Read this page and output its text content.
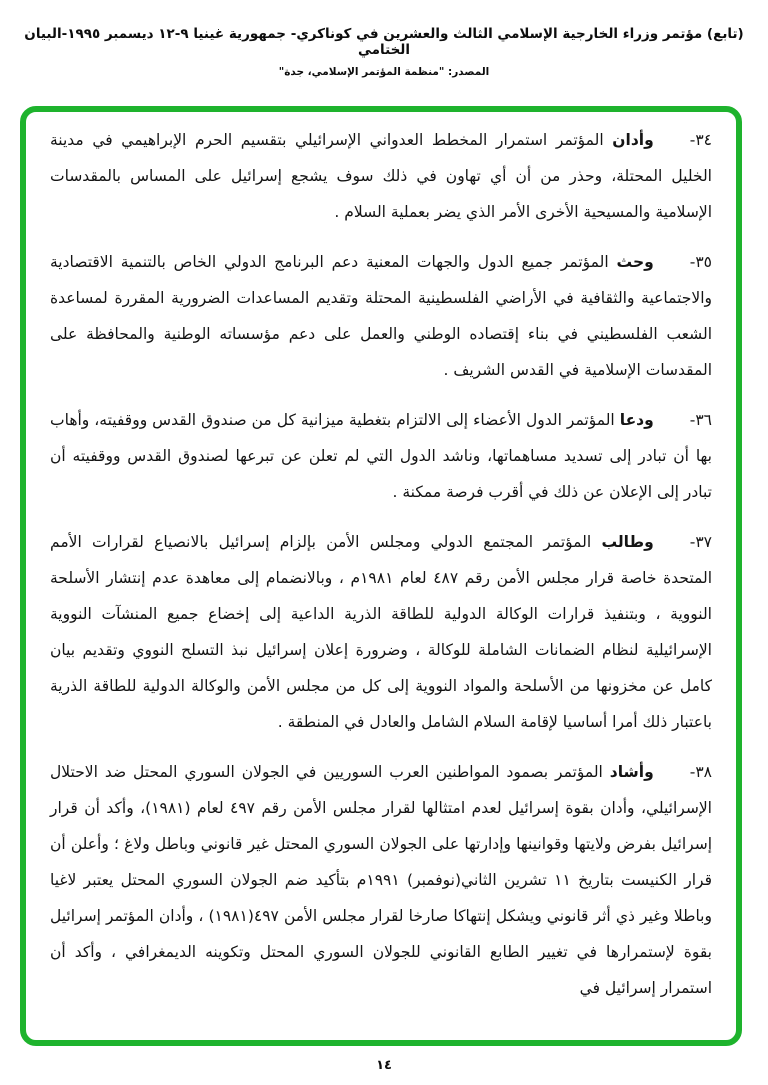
(تابع) مؤتمر وزراء الخارجية الإسلامي الثالث والعشرين في كوناكري- جمهورية غينيا ٩-١٢ ديسمبر ١٩٩٥-البيان الختامي
المصدر: "منظمة المؤتمر الإسلامي، جدة"

٣٤-وأدان المؤتمر استمرار المخطط العدواني الإسرائيلي بتقسيم الحرم الإبراهيمي في مدينة الخليل المحتلة، وحذر من أن أي تهاون في ذلك سوف يشجع إسرائيل على المساس بالمقدسات الإسلامية والمسيحية الأخرى الأمر الذي يضر بعملية السلام .

٣٥-وحث المؤتمر جميع الدول والجهات المعنية دعم البرنامج الدولي الخاص بالتنمية الاقتصادية والاجتماعية والثقافية في الأراضي الفلسطينية المحتلة وتقديم المساعدات الضرورية المقررة لمساعدة الشعب الفلسطيني في بناء إقتصاده الوطني والعمل على دعم مؤسساته الوطنية والمحافظة على المقدسات الإسلامية في القدس الشريف .

٣٦-ودعا المؤتمر الدول الأعضاء إلى الالتزام بتغطية ميزانية كل من صندوق القدس ووقفيته، وأهاب بها أن تبادر إلى تسديد مساهماتها، وناشد الدول التي لم تعلن عن تبرعها لصندوق القدس ووقفيته أن تبادر إلى الإعلان عن ذلك في أقرب فرصة ممكنة .

٣٧-وطالب المؤتمر المجتمع الدولي ومجلس الأمن بإلزام إسرائيل بالانصياع لقرارات الأمم المتحدة خاصة قرار مجلس الأمن رقم ٤٨٧ لعام ١٩٨١م ، وبالانضمام إلى معاهدة عدم إنتشار الأسلحة النووية ، وبتنفيذ قرارات الوكالة الدولية للطاقة الذرية الداعية إلى إخضاع جميع المنشآت النووية الإسرائيلية لنظام الضمانات الشاملة للوكالة ، وضرورة إعلان إسرائيل نبذ التسلح النووي وتقديم بيان كامل عن مخزونها من الأسلحة والمواد النووية إلى كل من مجلس الأمن والوكالة الدولية للطاقة الذرية باعتبار ذلك أمرا أساسيا لإقامة السلام الشامل والعادل في المنطقة .

٣٨-وأشاد المؤتمر بصمود المواطنين العرب السوريين في الجولان السوري المحتل ضد الاحتلال الإسرائيلي، وأدان بقوة إسرائيل لعدم امتثالها لقرار مجلس الأمن رقم ٤٩٧ لعام (١٩٨١)، وأكد أن قرار إسرائيل بفرض ولايتها وقوانينها وإدارتها على الجولان السوري المحتل غير قانوني وباطل ولاغ ؛ وأعلن أن قرار الكنيست بتاريخ ١١ تشرين الثاني(نوفمبر) ١٩٩١م بتأكيد ضم الجولان السوري المحتل يعتبر لاغيا وباطلا وغير ذي أثر قانوني ويشكل إنتهاكا صارخا لقرار مجلس الأمن ٤٩٧(١٩٨١) ، وأدان المؤتمر إسرائيل بقوة لإستمرارها في تغيير الطابع القانوني للجولان السوري المحتل وتكوينه الديمغرافي ، وأكد أن استمرار إسرائيل في

١٤
